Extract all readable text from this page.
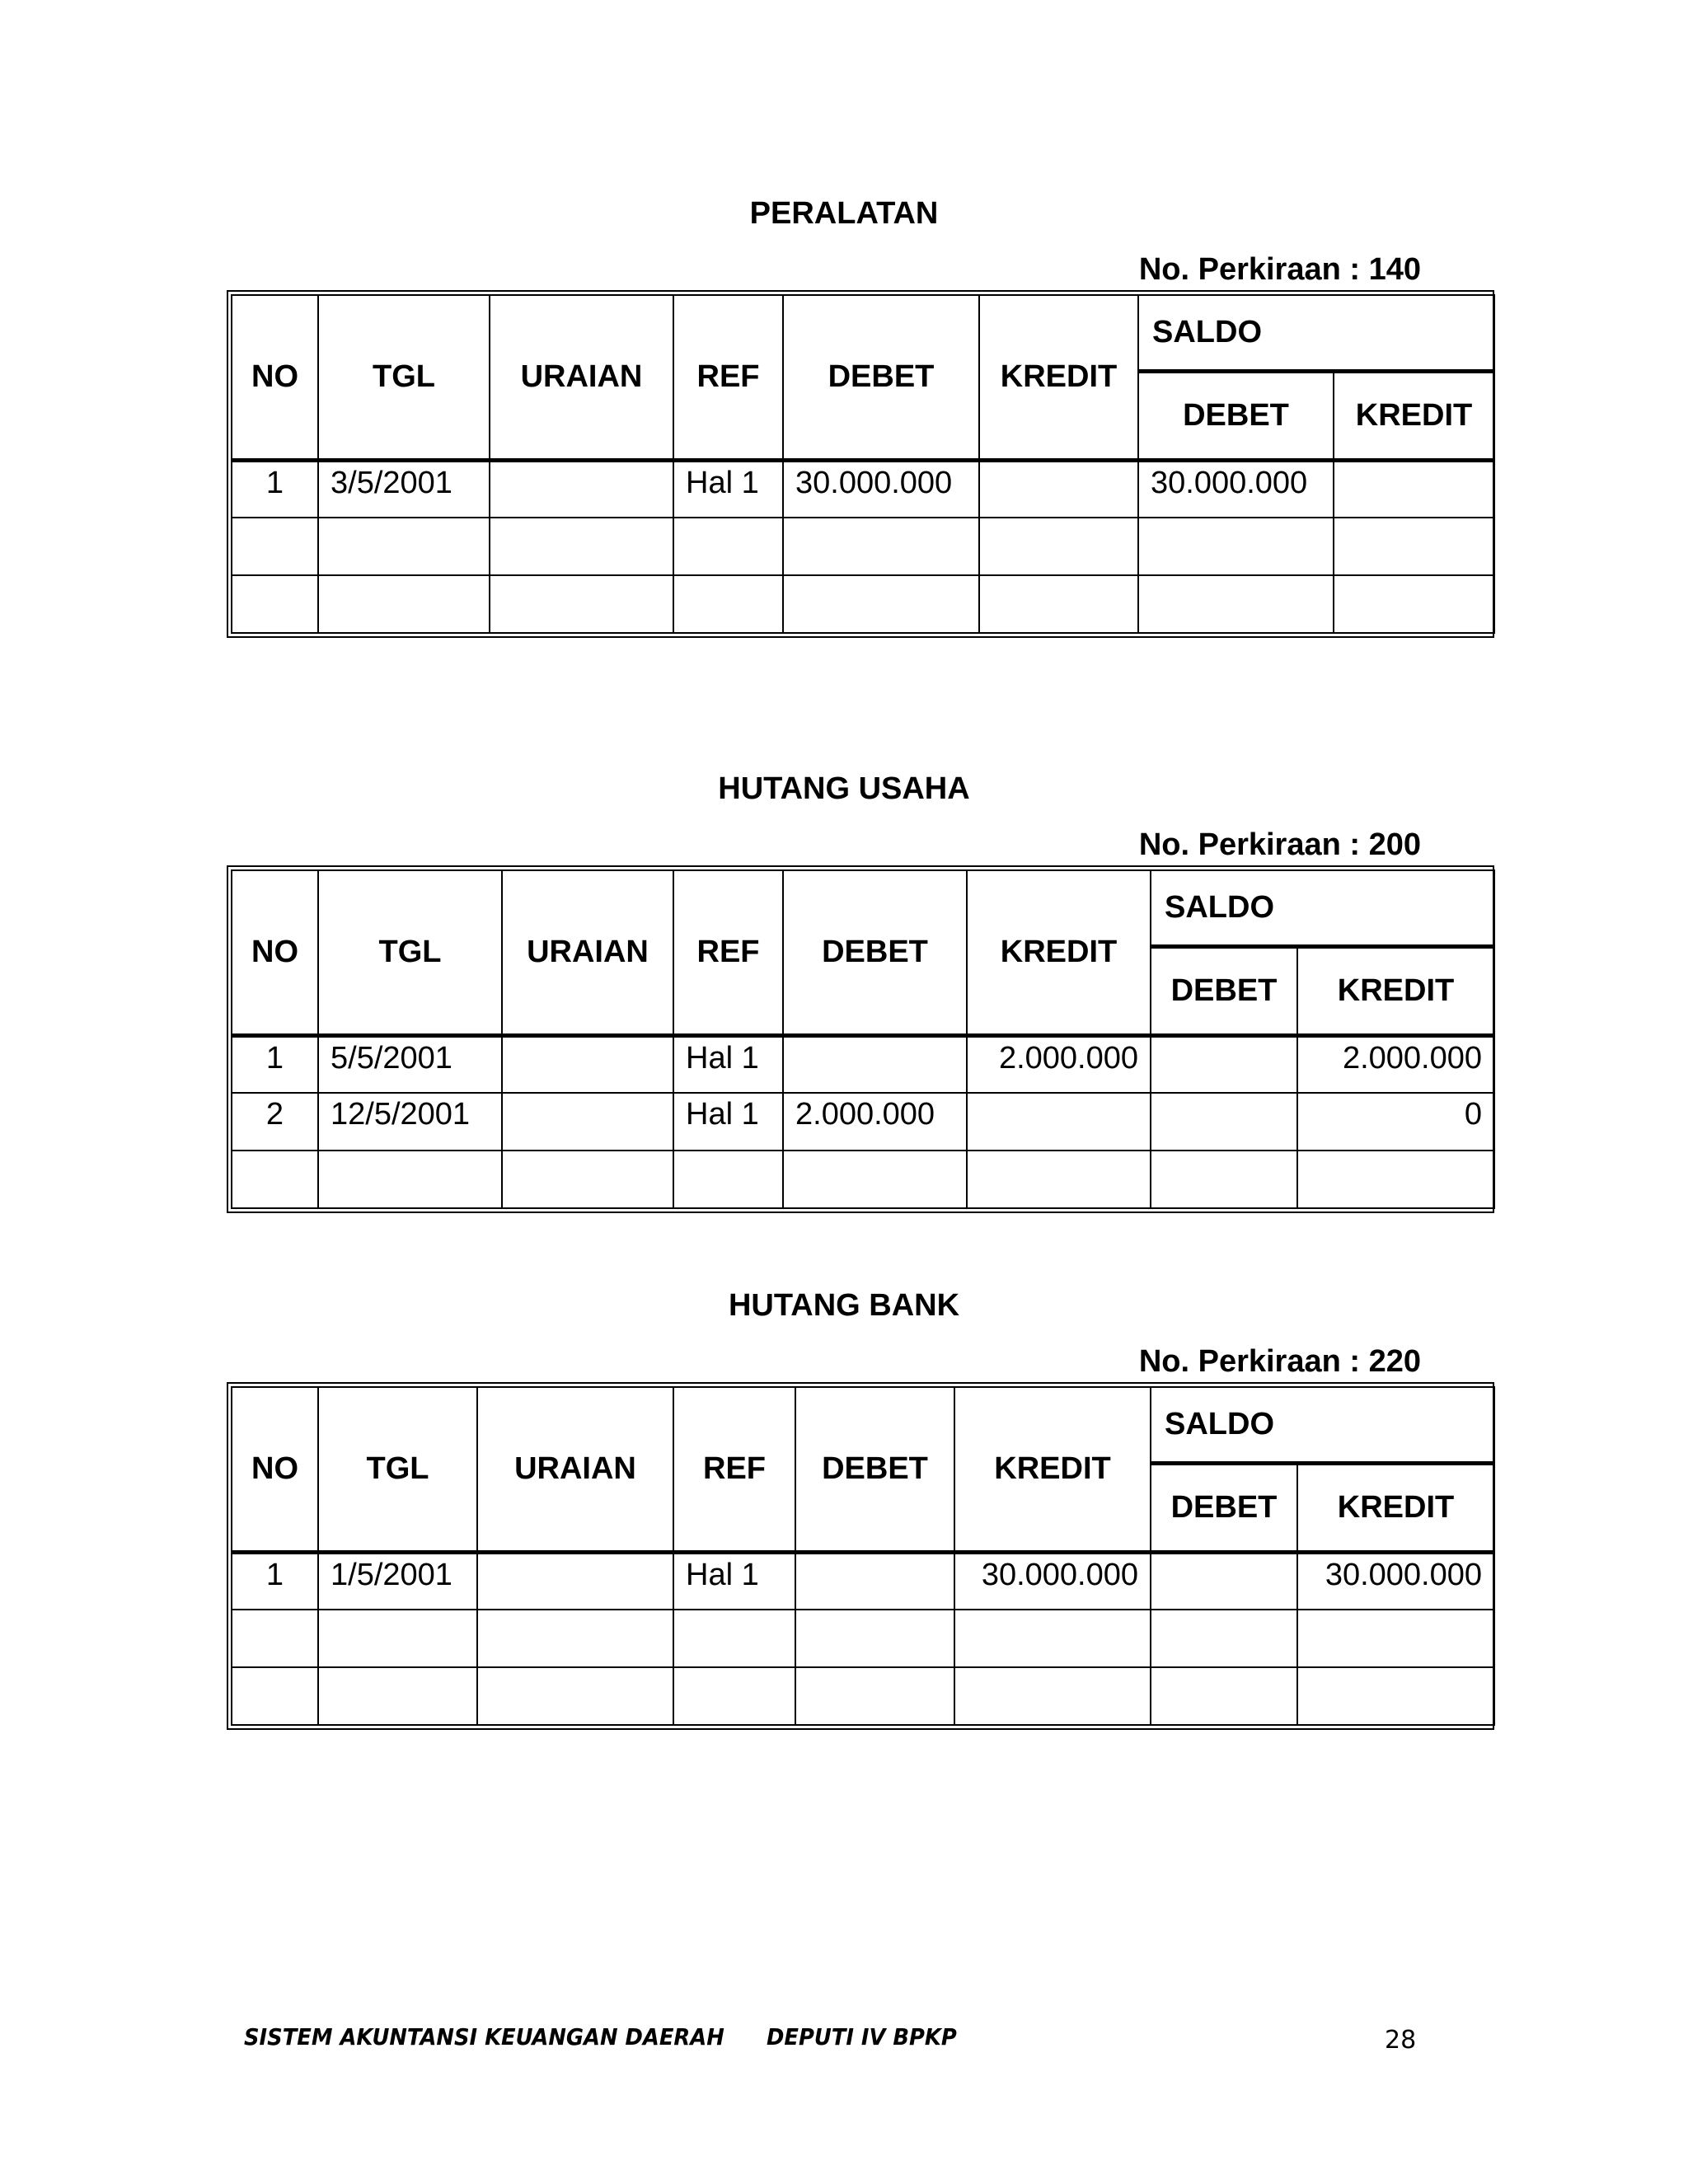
PERALATAN
No. Perkiraan : 140
NO	TGL	URAIAN	REF	DEBET	KREDIT	SALDO	
						DEBET	KREDIT
1	3/5/2001		Hal 1	30.000.000		30.000.000	

HUTANG USAHA
No. Perkiraan : 200
NO	TGL	URAIAN	REF	DEBET	KREDIT	SALDO	
						DEBET	KREDIT
1	5/5/2001		Hal 1		2.000.000		2.000.000
2	12/5/2001		Hal 1	2.000.000			0

HUTANG BANK
No. Perkiraan : 220
NO	TGL	URAIAN	REF	DEBET	KREDIT	SALDO	
						DEBET	KREDIT
1	1/5/2001		Hal 1		30.000.000		30.000.000

SISTEM AKUNTANSI KEUANGAN DAERAH DEPUTI IV BPKP	28
